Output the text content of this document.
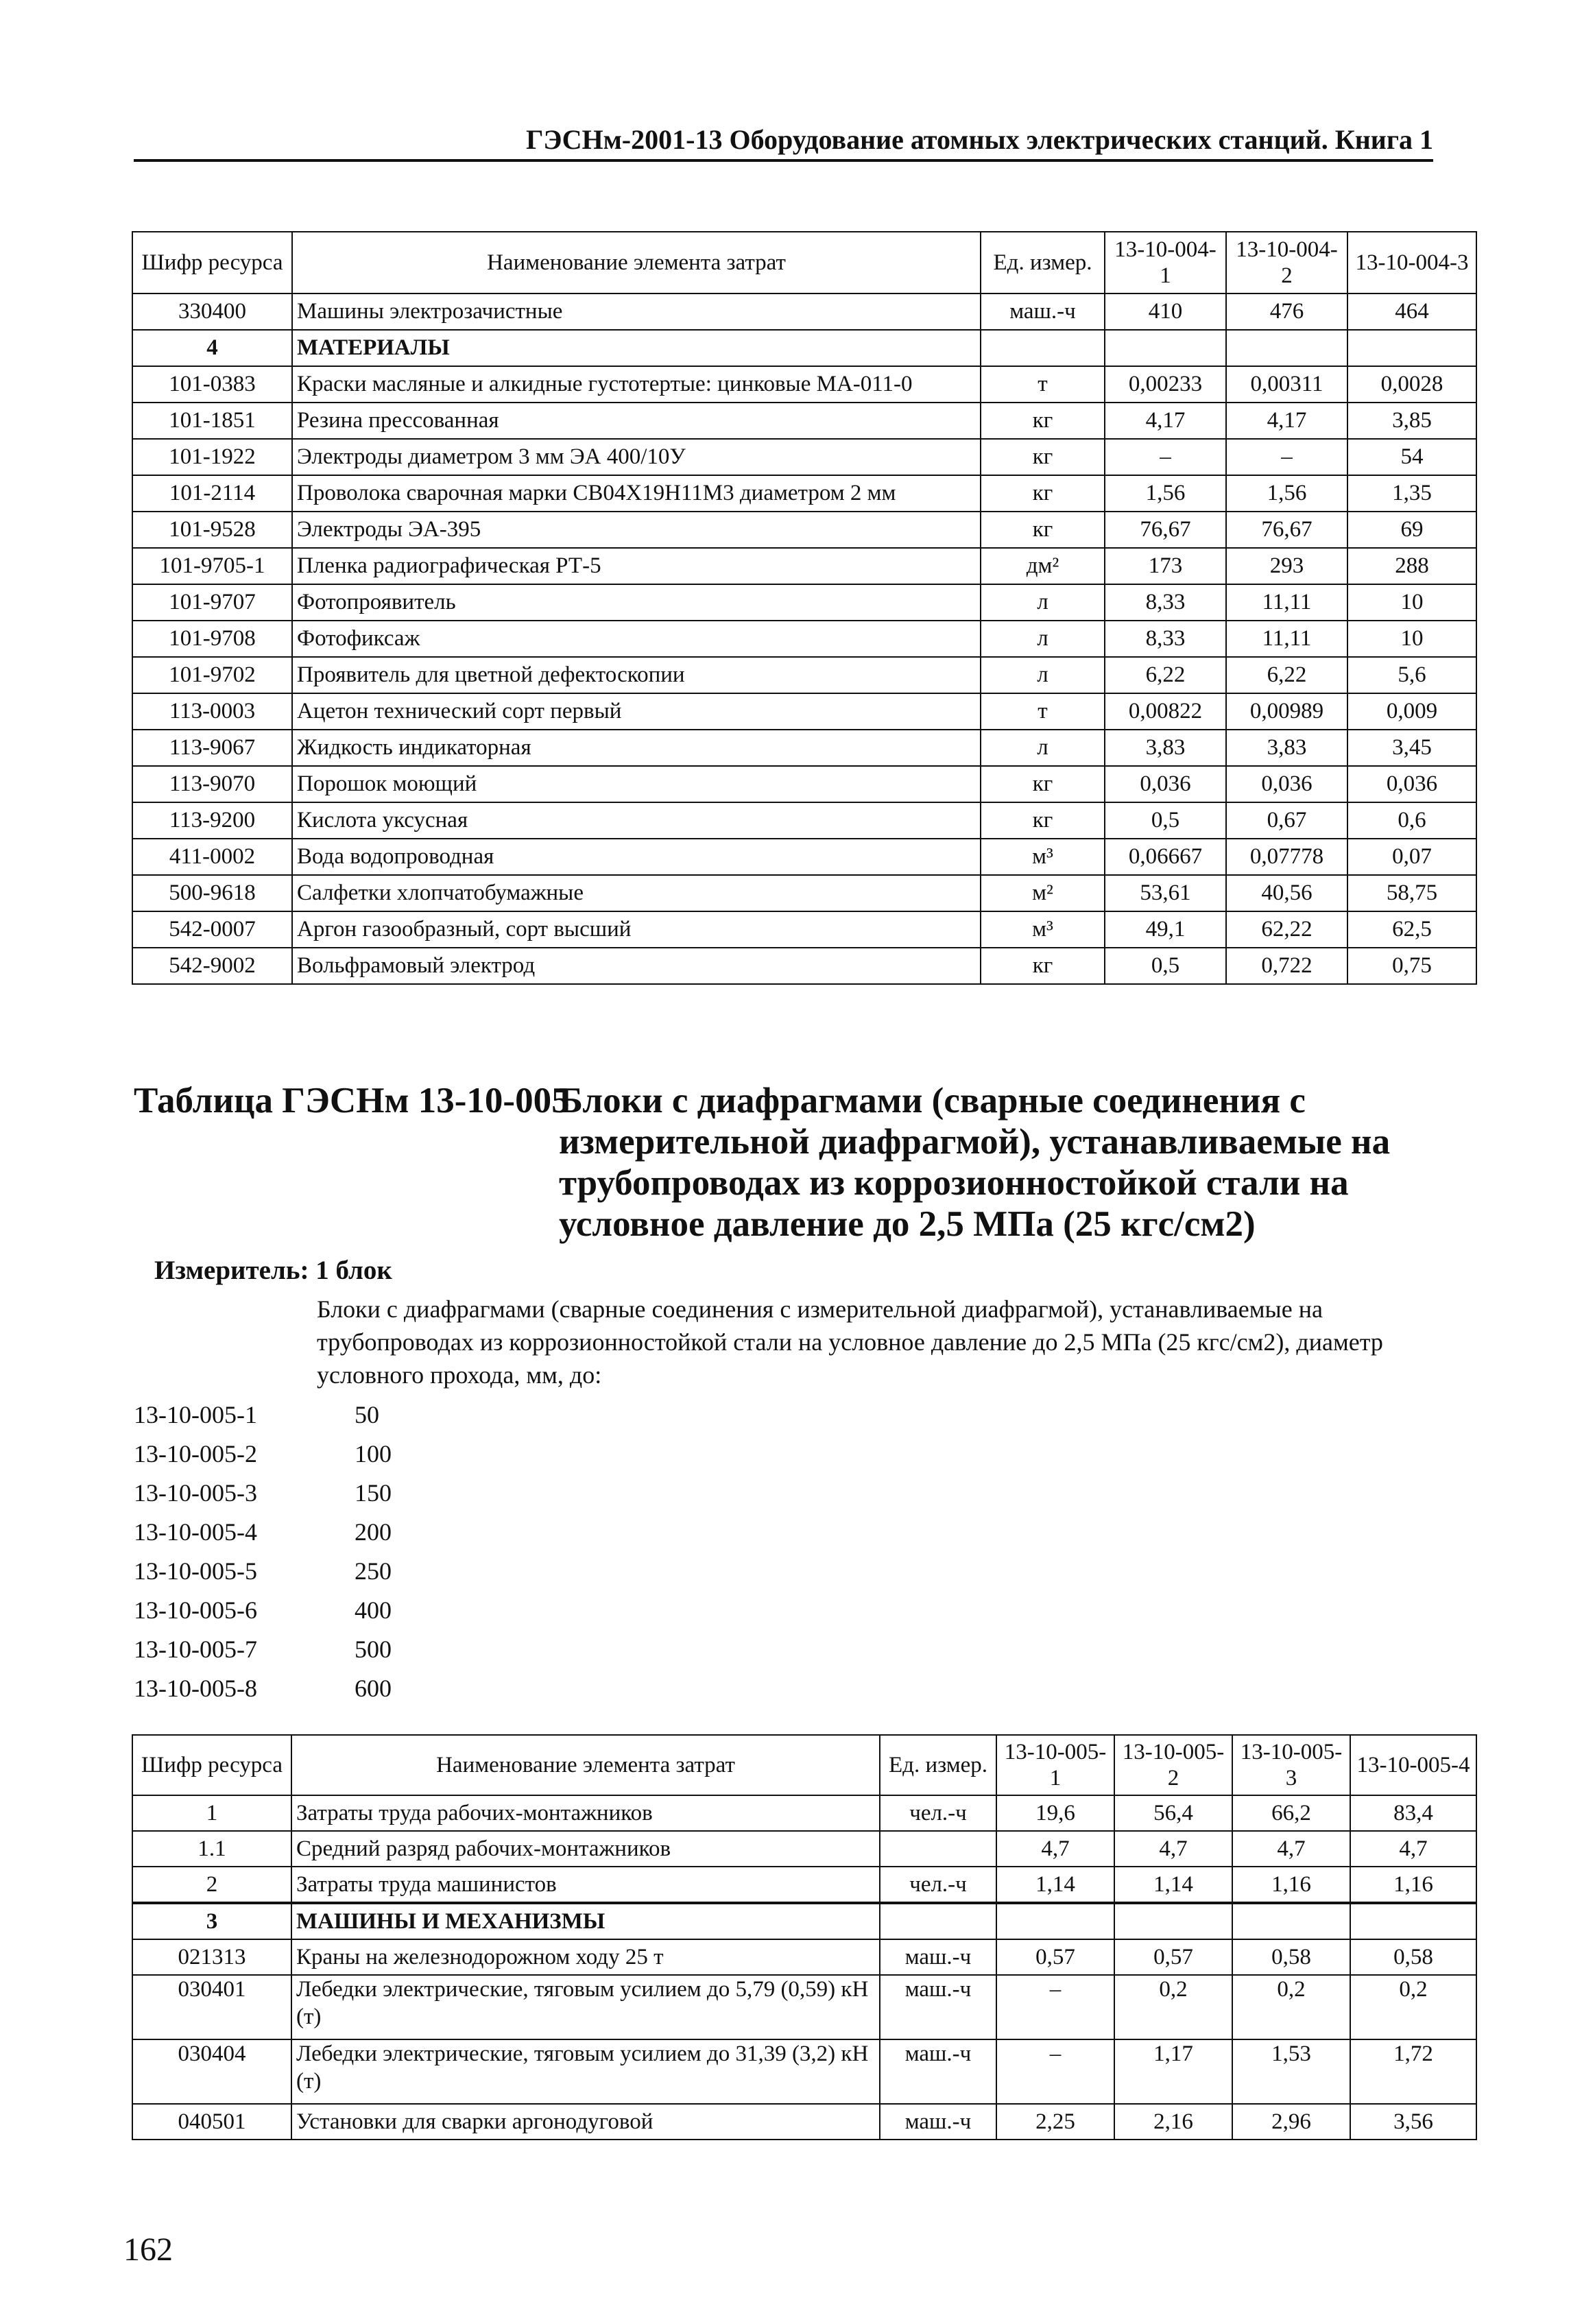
ГЭСНм-2001-13 Оборудование атомных электрических станций. Книга 1
Шифр ресурса	Наименование элемента затрат	Ед. измер.	13-10-004-1	13-10-004-2	13-10-004-3
330400	Машины электрозачистные	маш.-ч	410	476	464
4	МАТЕРИАЛЫ				
101-0383	Краски масляные и алкидные густотертые: цинковые МА-011-0	т	0,00233	0,00311	0,0028
101-1851	Резина прессованная	кг	4,17	4,17	3,85
101-1922	Электроды диаметром 3 мм ЭА 400/10У	кг	–	–	54
101-2114	Проволока сварочная марки СВ04Х19Н11М3 диаметром 2 мм	кг	1,56	1,56	1,35
101-9528	Электроды ЭА-395	кг	76,67	76,67	69
101-9705-1	Пленка радиографическая РТ-5	дм²	173	293	288
101-9707	Фотопроявитель	л	8,33	11,11	10
101-9708	Фотофиксаж	л	8,33	11,11	10
101-9702	Проявитель для цветной дефектоскопии	л	6,22	6,22	5,6
113-0003	Ацетон технический сорт первый	т	0,00822	0,00989	0,009
113-9067	Жидкость индикаторная	л	3,83	3,83	3,45
113-9070	Порошок моющий	кг	0,036	0,036	0,036
113-9200	Кислота уксусная	кг	0,5	0,67	0,6
411-0002	Вода водопроводная	м³	0,06667	0,07778	0,07
500-9618	Салфетки хлопчатобумажные	м²	53,61	40,56	58,75
542-0007	Аргон газообразный, сорт высший	м³	49,1	62,22	62,5
542-9002	Вольфрамовый электрод	кг	0,5	0,722	0,75
Таблица ГЭСНм 13-10-005
Блоки с диафрагмами (сварные соединения с измерительной диафрагмой), устанавливаемые на трубопроводах из коррозионностойкой стали на условное давление до 2,5 МПа (25 кгс/см2)
Измеритель: 1 блок
Блоки с диафрагмами (сварные соединения с измерительной диафрагмой), устанавливаемые на трубопроводах из коррозионностойкой стали на условное давление до 2,5 МПа (25 кгс/см2), диаметр условного прохода, мм, до:
13-10-005-1	50
13-10-005-2	100
13-10-005-3	150
13-10-005-4	200
13-10-005-5	250
13-10-005-6	400
13-10-005-7	500
13-10-005-8	600
Шифр ресурса	Наименование элемента затрат	Ед. измер.	13-10-005-1	13-10-005-2	13-10-005-3	13-10-005-4
1	Затраты труда рабочих-монтажников	чел.-ч	19,6	56,4	66,2	83,4
1.1	Средний разряд рабочих-монтажников		4,7	4,7	4,7	4,7
2	Затраты труда машинистов	чел.-ч	1,14	1,14	1,16	1,16
3	МАШИНЫ И МЕХАНИЗМЫ					
021313	Краны на железнодорожном ходу 25 т	маш.-ч	0,57	0,57	0,58	0,58
030401	Лебедки электрические, тяговым усилием до 5,79 (0,59) кН (т)	маш.-ч	–	0,2	0,2	0,2
030404	Лебедки электрические, тяговым усилием до 31,39 (3,2) кН (т)	маш.-ч	–	1,17	1,53	1,72
040501	Установки для сварки аргонодуговой	маш.-ч	2,25	2,16	2,96	3,56
162
